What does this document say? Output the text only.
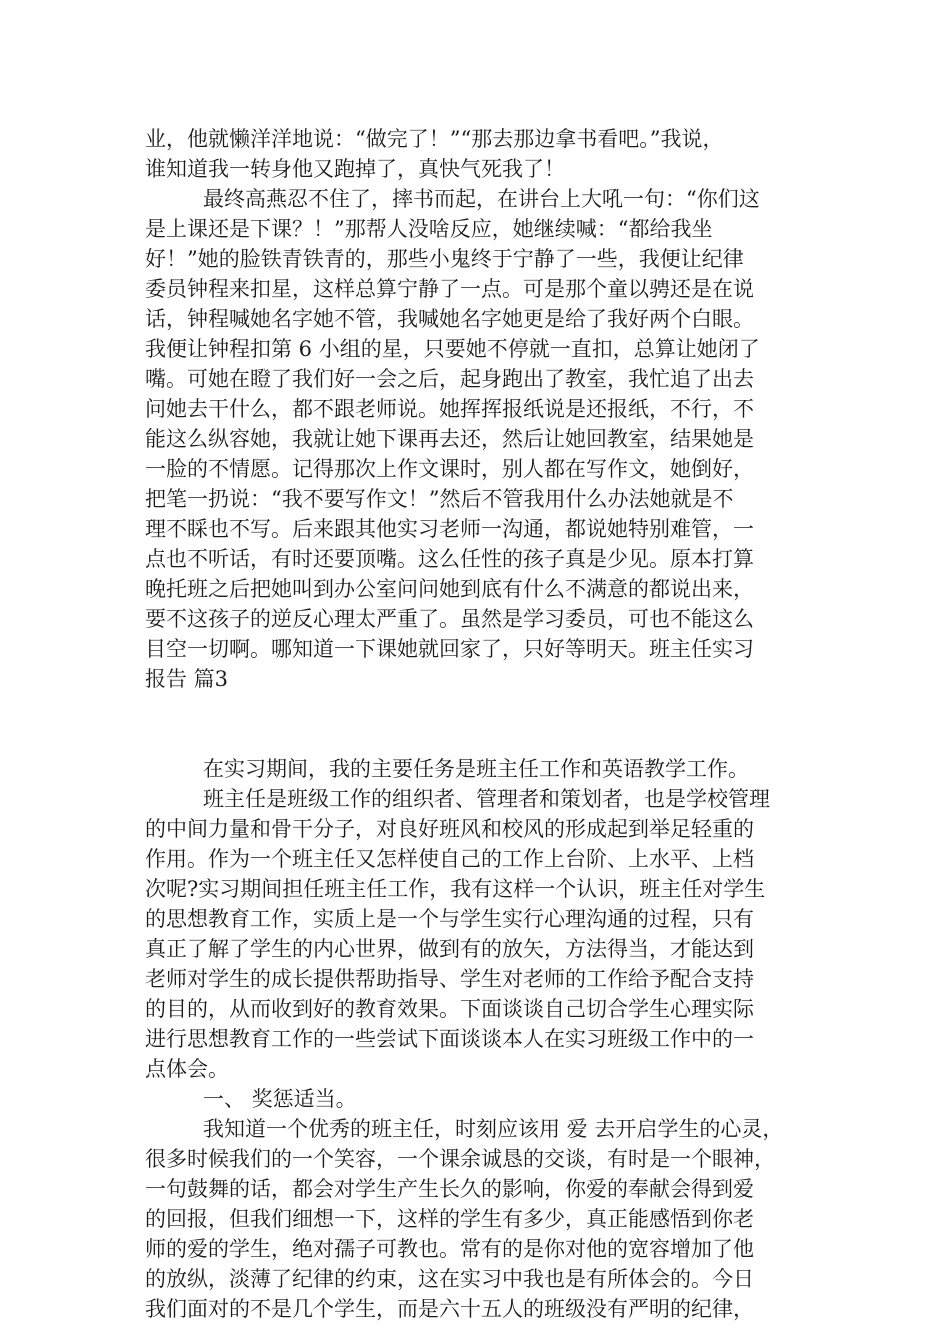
业，他就懒洋洋地说：“做完了！”“那去那边拿书看吧。”我说，
谁知道我一转身他又跑掉了，真快气死我了！
最终高燕忍不住了，摔书而起，在讲台上大吼一句：“你们这
是上课还是下课？！”那帮人没啥反应，她继续喊：“都给我坐
好！”她的脸铁青铁青的，那些小鬼终于宁静了一些，我便让纪律
委员钟程来扣星，这样总算宁静了一点。可是那个童以骋还是在说
话，钟程喊她名字她不管，我喊她名字她更是给了我好两个白眼。
我便让钟程扣第 6 小组的星，只要她不停就一直扣，总算让她闭了
嘴。可她在瞪了我们好一会之后，起身跑出了教室，我忙追了出去
问她去干什么，都不跟老师说。她挥挥报纸说是还报纸，不行，不
能这么纵容她，我就让她下课再去还，然后让她回教室，结果她是
一脸的不情愿。记得那次上作文课时，别人都在写作文，她倒好，
把笔一扔说：“我不要写作文！”然后不管我用什么办法她就是不
理不睬也不写。后来跟其他实习老师一沟通，都说她特别难管，一
点也不听话，有时还要顶嘴。这么任性的孩子真是少见。原本打算
晚托班之后把她叫到办公室问问她到底有什么不满意的都说出来，
要不这孩子的逆反心理太严重了。虽然是学习委员，可也不能这么
目空一切啊。哪知道一下课她就回家了，只好等明天。班主任实习
报告 篇3
在实习期间，我的主要任务是班主任工作和英语教学工作。
班主任是班级工作的组织者、管理者和策划者，也是学校管理
的中间力量和骨干分子，对良好班风和校风的形成起到举足轻重的
作用。作为一个班主任又怎样使自己的工作上台阶、上水平、上档
次呢?实习期间担任班主任工作，我有这样一个认识，班主任对学生
的思想教育工作，实质上是一个与学生实行心理沟通的过程，只有
真正了解了学生的内心世界，做到有的放矢，方法得当，才能达到
老师对学生的成长提供帮助指导、学生对老师的工作给予配合支持
的目的，从而收到好的教育效果。下面谈谈自己切合学生心理实际
进行思想教育工作的一些尝试下面谈谈本人在实习班级工作中的一
点体会。
一、 奖惩适当。
我知道一个优秀的班主任，时刻应该用 爱 去开启学生的心灵，
很多时候我们的一个笑容，一个课余诚恳的交谈，有时是一个眼神，
一句鼓舞的话，都会对学生产生长久的影响，你爱的奉献会得到爱
的回报，但我们细想一下，这样的学生有多少，真正能感悟到你老
师的爱的学生，绝对孺子可教也。常有的是你对他的宽容增加了他
的放纵，淡薄了纪律的约束，这在实习中我也是有所体会的。今日
我们面对的不是几个学生，而是六十五人的班级没有严明的纪律，
